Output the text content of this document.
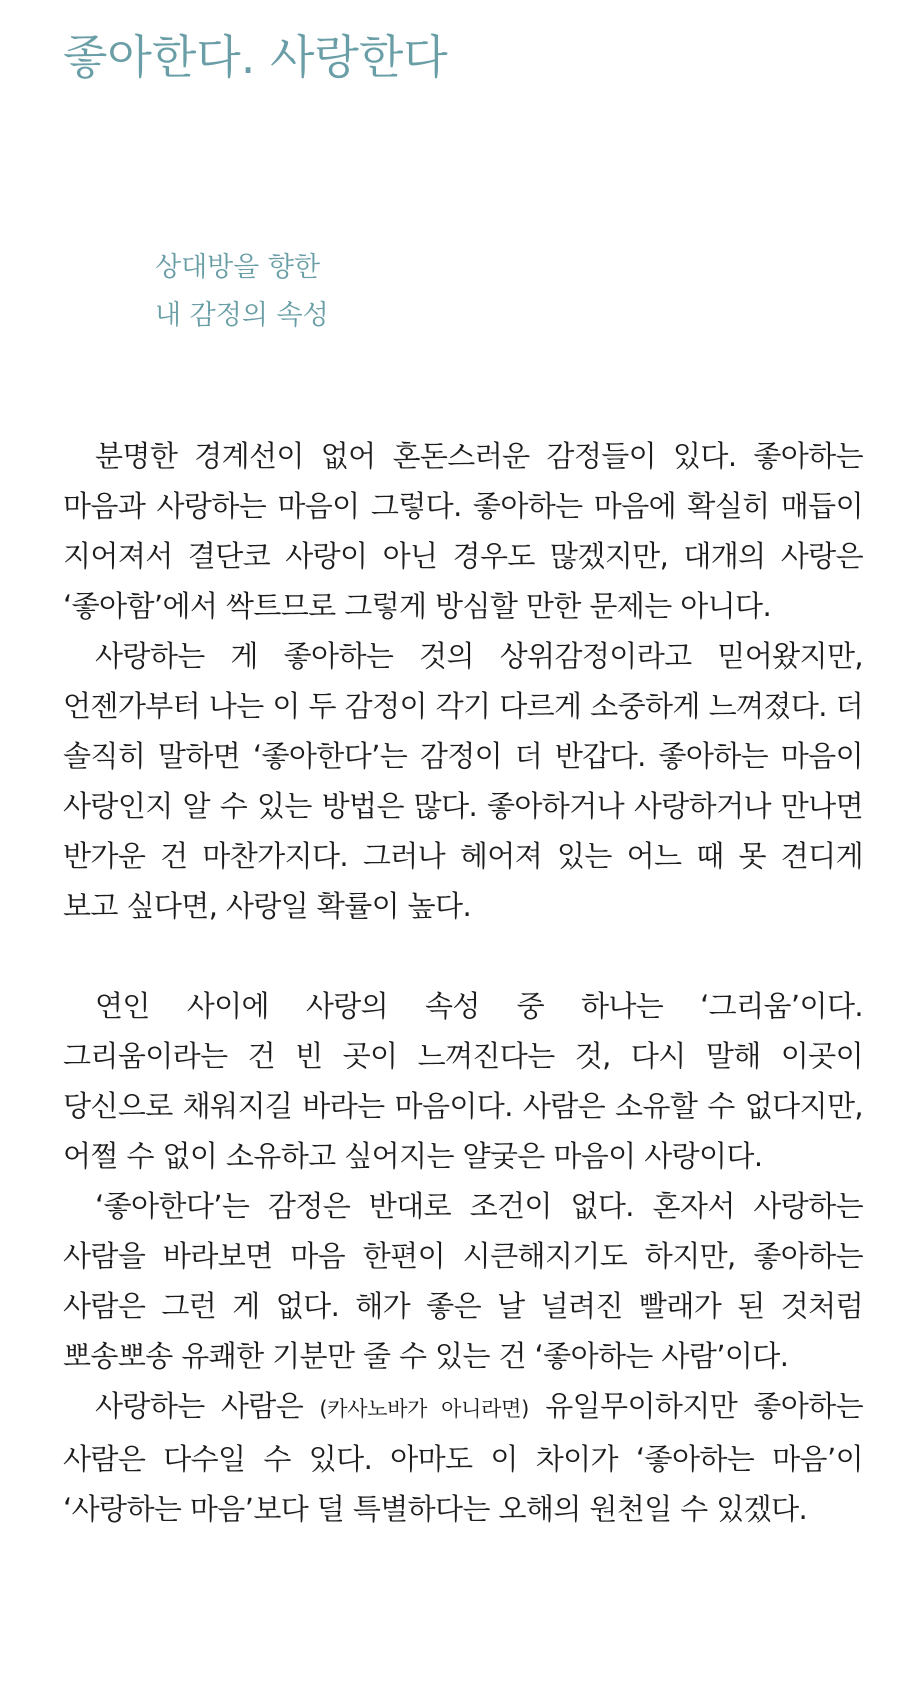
좋아한다. 사랑한다
상대방을 향한
내 감정의 속성

분명한 경계선이 없어 혼돈스러운 감정들이 있다. 좋아하는 마음과 사랑하는 마음이 그렇다. 좋아하는 마음에 확실히 매듭이 지어져서 결단코 사랑이 아닌 경우도 많겠지만, 대개의 사랑은 ‘좋아함’에서 싹트므로 그렇게 방심할 만한 문제는 아니다.

사랑하는 게 좋아하는 것의 상위감정이라고 믿어왔지만, 언젠가부터 나는 이 두 감정이 각기 다르게 소중하게 느껴졌다. 더 솔직히 말하면 ‘좋아한다’는 감정이 더 반갑다. 좋아하는 마음이 사랑인지 알 수 있는 방법은 많다. 좋아하거나 사랑하거나 만나면 반가운 건 마찬가지다. 그러나 헤어져 있는 어느 때 못 견디게 보고 싶다면, 사랑일 확률이 높다.

연인 사이에 사랑의 속성 중 하나는 ‘그리움’이다. 그리움이라는 건 빈 곳이 느껴진다는 것, 다시 말해 이곳이 당신으로 채워지길 바라는 마음이다. 사람은 소유할 수 없다지만, 어쩔 수 없이 소유하고 싶어지는 얄궂은 마음이 사랑이다.

‘좋아한다’는 감정은 반대로 조건이 없다. 혼자서 사랑하는 사람을 바라보면 마음 한편이 시큰해지기도 하지만, 좋아하는 사람은 그런 게 없다. 해가 좋은 날 널려진 빨래가 된 것처럼 뽀송뽀송 유쾌한 기분만 줄 수 있는 건 ‘좋아하는 사람’이다.

사랑하는 사람은 (카사노바가 아니라면) 유일무이하지만 좋아하는 사람은 다수일 수 있다. 아마도 이 차이가 ‘좋아하는 마음’이 ‘사랑하는 마음’보다 덜 특별하다는 오해의 원천일 수 있겠다.
